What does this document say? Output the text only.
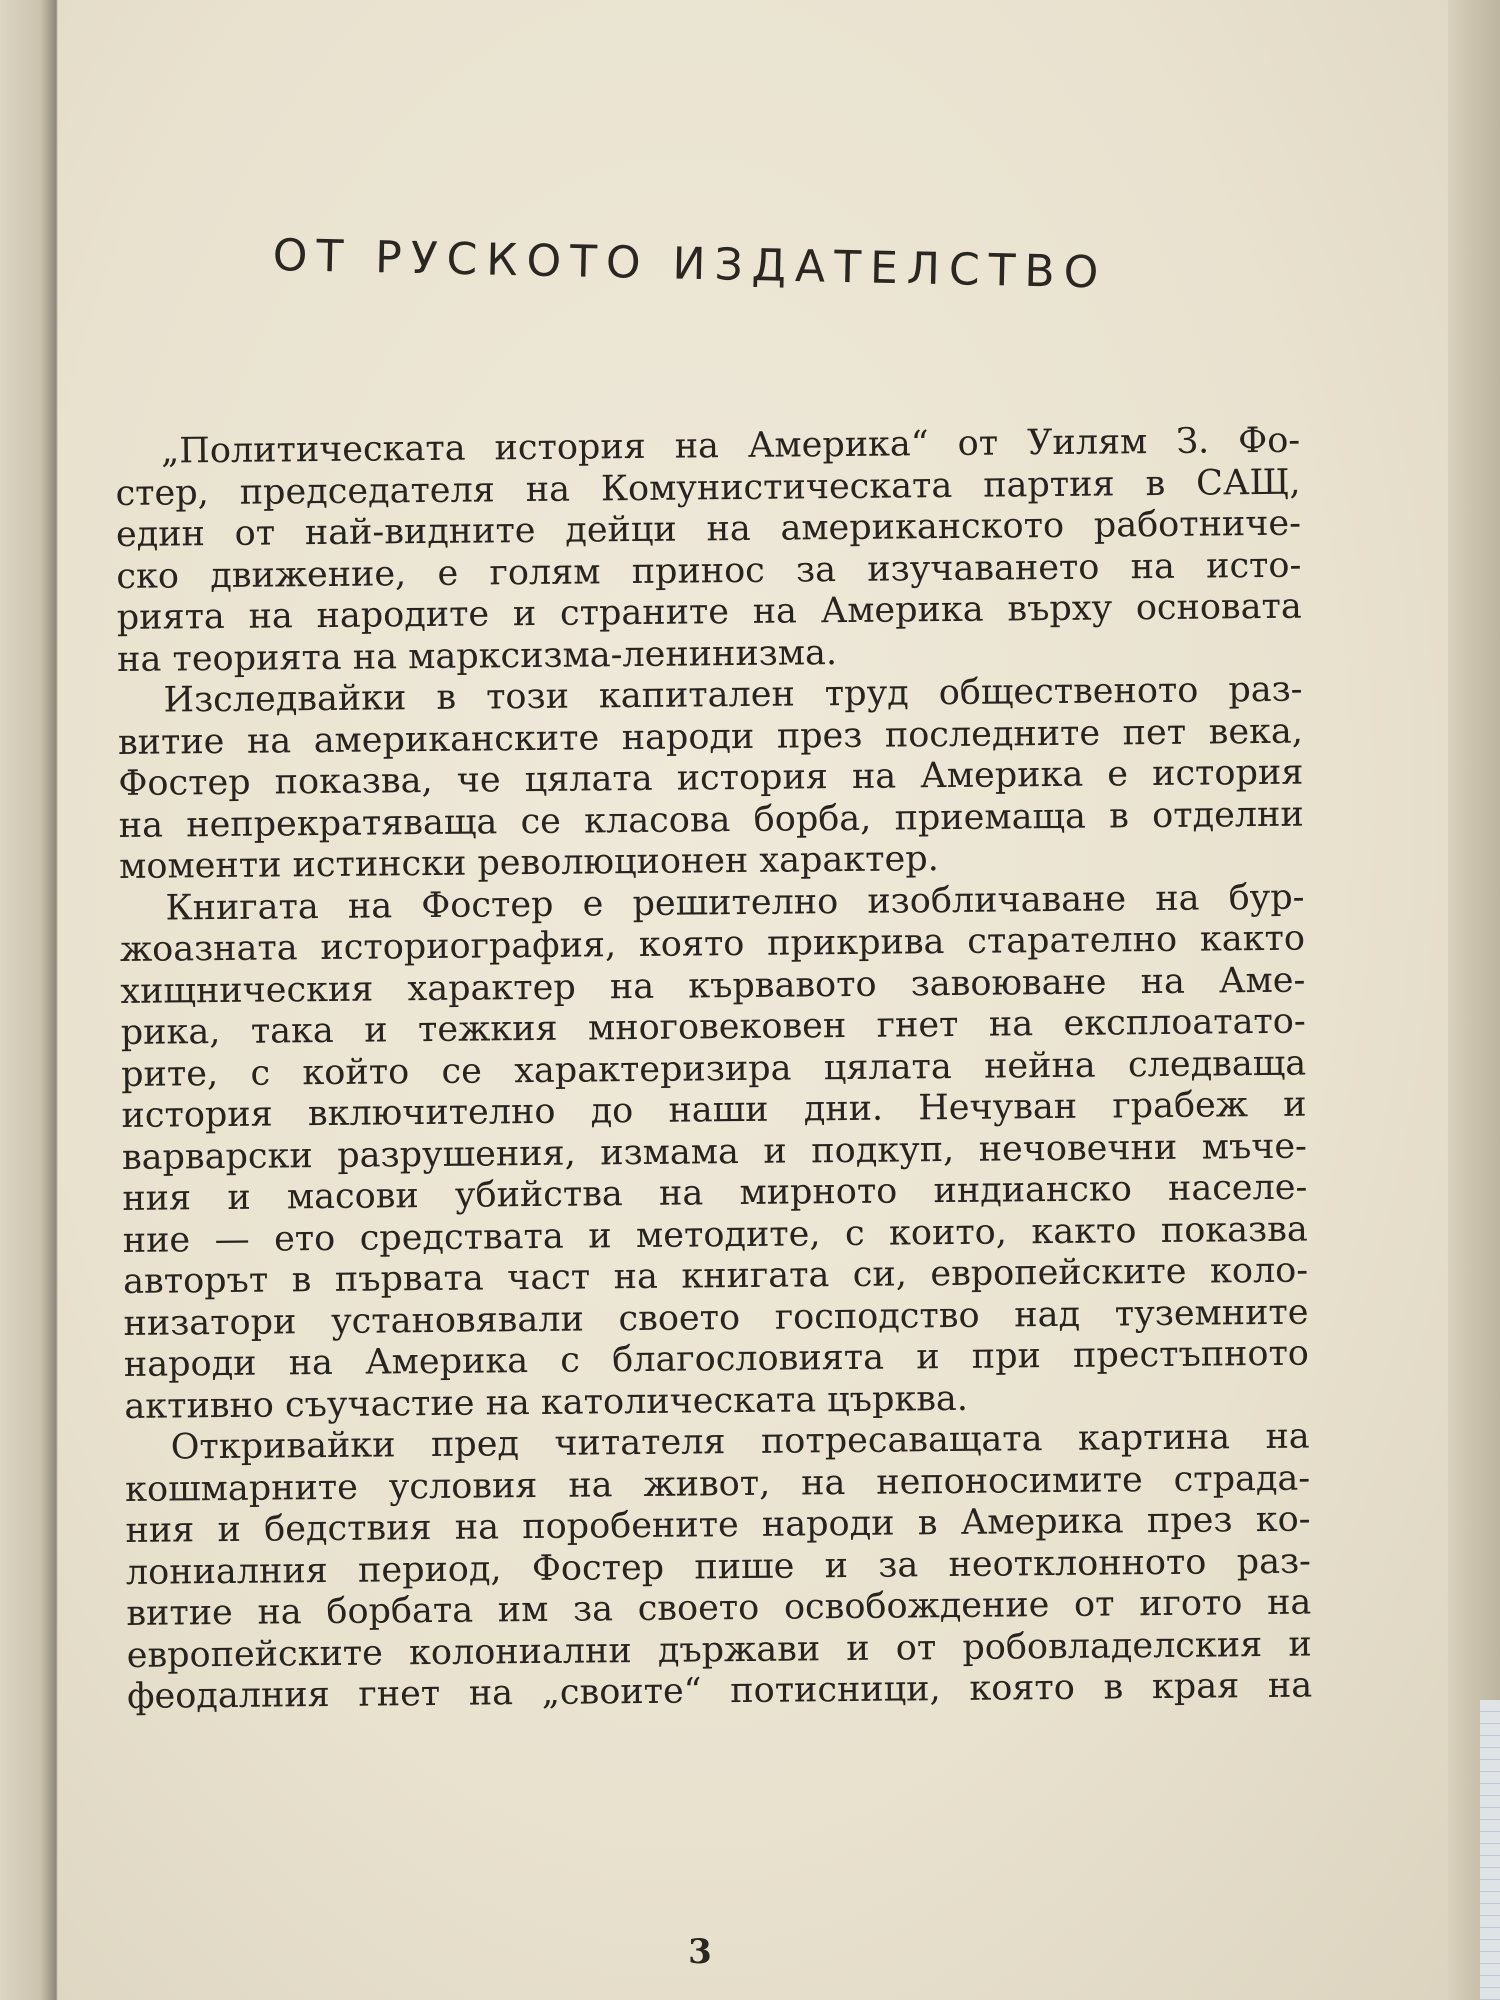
ОТ РУСКОТО ИЗДАТЕЛСТВО
„Политическата история на Америка“ от Уилям З. Фо-
стер, председателя на Комунистическата партия в САЩ,
един от най-видните дейци на американското работниче-
ско движение, е голям принос за изучаването на исто-
рията на народите и страните на Америка върху основата
на теорията на марксизма-ленинизма.
Изследвайки в този капитален труд общественото раз-
витие на американските народи през последните пет века,
Фостер показва, че цялата история на Америка е история
на непрекратяваща се класова борба, приемаща в отделни
моменти истински революционен характер.
Книгата на Фостер е решително изобличаване на бур-
жоазната историография, която прикрива старателно както
хищническия характер на кървавото завоюване на Аме-
рика, така и тежкия многовековен гнет на експлоатато-
рите, с който се характеризира цялата нейна следваща
история включително до наши дни. Нечуван грабеж и
варварски разрушения, измама и подкуп, нечовечни мъче-
ния и масови убийства на мирното индианско населе-
ние — ето средствата и методите, с които, както показва
авторът в първата част на книгата си, европейските коло-
низатори установявали своето господство над туземните
народи на Америка с благословията и при престъпното
активно съучастие на католическата църква.
Откривайки пред читателя потресаващата картина на
кошмарните условия на живот, на непоносимите страда-
ния и бедствия на поробените народи в Америка през ко-
лониалния период, Фостер пише и за неотклонното раз-
витие на борбата им за своето освобождение от игото на
европейските колониални държави и от робовладелския и
феодалния гнет на „своите“ потисници, която в края на
3
